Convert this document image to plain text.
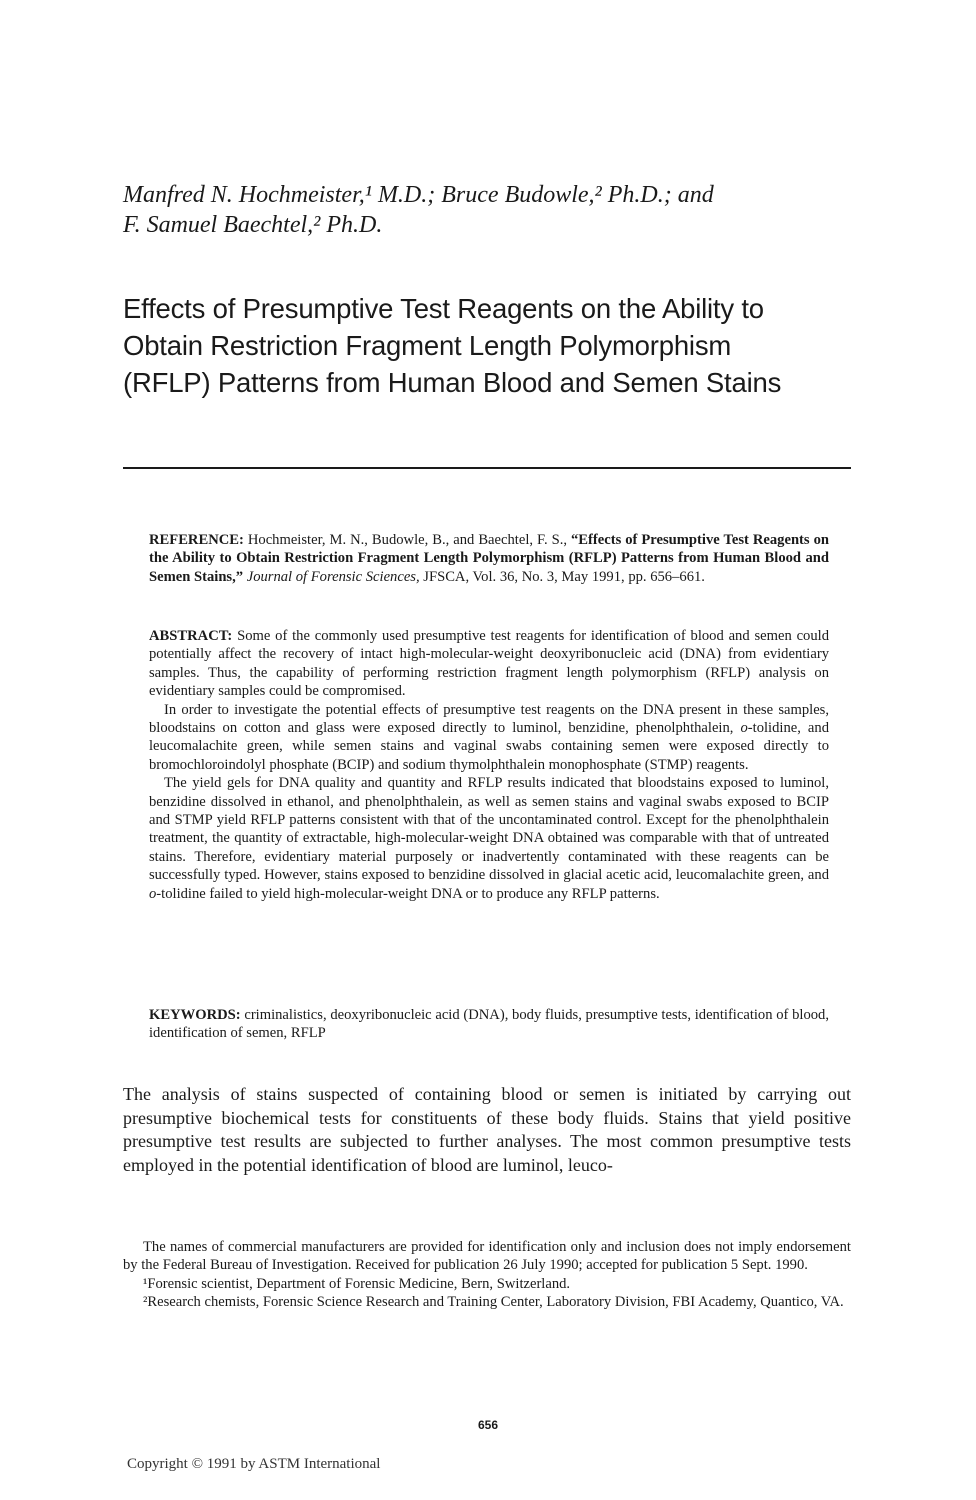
Manfred N. Hochmeister,¹ M.D.; Bruce Budowle,² Ph.D.; and
F. Samuel Baechtel,² Ph.D.
Effects of Presumptive Test Reagents on the Ability to
Obtain Restriction Fragment Length Polymorphism
(RFLP) Patterns from Human Blood and Semen Stains

REFERENCE: Hochmeister, M. N., Budowle, B., and Baechtel, F. S., “Effects of Presumptive Test Reagents on the Ability to Obtain Restriction Fragment Length Polymorphism (RFLP) Patterns from Human Blood and Semen Stains,” Journal of Forensic Sciences, JFSCA, Vol. 36, No. 3, May 1991, pp. 656–661.

ABSTRACT: Some of the commonly used presumptive test reagents for identification of blood and semen could potentially affect the recovery of intact high-molecular-weight deoxyribonucleic acid (DNA) from evidentiary samples. Thus, the capability of performing restriction fragment length polymorphism (RFLP) analysis on evidentiary samples could be compromised.

In order to investigate the potential effects of presumptive test reagents on the DNA present in these samples, bloodstains on cotton and glass were exposed directly to luminol, benzidine, phenolphthalein, o-tolidine, and leucomalachite green, while semen stains and vaginal swabs containing semen were exposed directly to bromochloroindolyl phosphate (BCIP) and sodium thymolphthalein monophosphate (STMP) reagents.

The yield gels for DNA quality and quantity and RFLP results indicated that bloodstains exposed to luminol, benzidine dissolved in ethanol, and phenolphthalein, as well as semen stains and vaginal swabs exposed to BCIP and STMP yield RFLP patterns consistent with that of the uncontaminated control. Except for the phenolphthalein treatment, the quantity of extractable, high-molecular-weight DNA obtained was comparable with that of untreated stains. Therefore, evidentiary material purposely or inadvertently contaminated with these reagents can be successfully typed. However, stains exposed to benzidine dissolved in glacial acetic acid, leucomalachite green, and o-tolidine failed to yield high-molecular-weight DNA or to produce any RFLP patterns.

KEYWORDS: criminalistics, deoxyribonucleic acid (DNA), body fluids, presumptive tests, identification of blood, identification of semen, RFLP

The analysis of stains suspected of containing blood or semen is initiated by carrying out presumptive biochemical tests for constituents of these body fluids. Stains that yield positive presumptive test results are subjected to further analyses. The most common presumptive tests employed in the potential identification of blood are luminol, leuco-

The names of commercial manufacturers are provided for identification only and inclusion does not imply endorsement by the Federal Bureau of Investigation. Received for publication 26 July 1990; accepted for publication 5 Sept. 1990.

¹Forensic scientist, Department of Forensic Medicine, Bern, Switzerland.

²Research chemists, Forensic Science Research and Training Center, Laboratory Division, FBI Academy, Quantico, VA.

656
Copyright © 1991 by ASTM International
